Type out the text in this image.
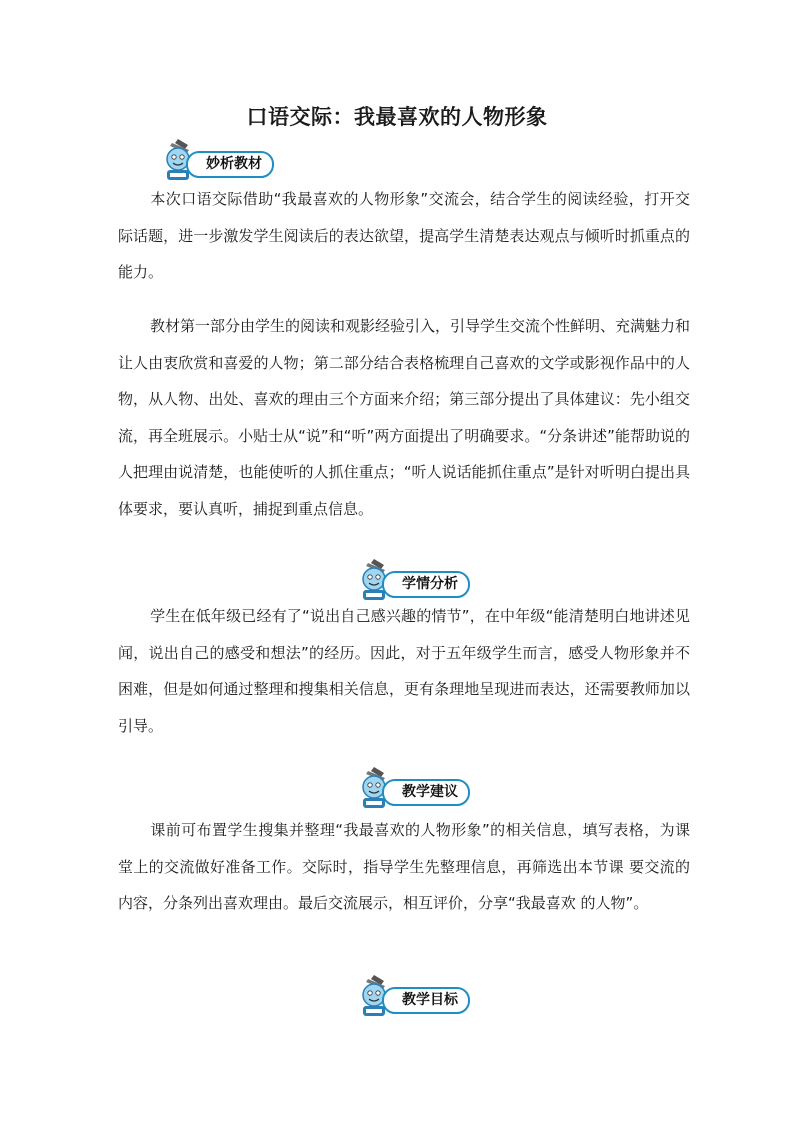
口语交际：我最喜欢的人物形象
妙析教材
本次口语交际借助“我最喜欢的人物形象”交流会，结合学生的阅读经验，打开交际话题，进一步激发学生阅读后的表达欲望，提高学生清楚表达观点与倾听时抓重点的能力。
教材第一部分由学生的阅读和观影经验引入，引导学生交流个性鲜明、充满魅力和让人由衷欣赏和喜爱的人物；第二部分结合表格梳理自己喜欢的文学或影视作品中的人物，从人物、出处、喜欢的理由三个方面来介绍；第三部分提出了具体建议：先小组交流，再全班展示。小贴士从“说”和“听”两方面提出了明确要求。“分条讲述”能帮助说的人把理由说清楚，也能使听的人抓住重点；“听人说话能抓住重点”是针对听明白提出具体要求，要认真听，捕捉到重点信息。
学情分析
学生在低年级已经有了“说出自己感兴趣的情节”，在中年级“能清楚明白地讲述见闻，说出自己的感受和想法”的经历。因此，对于五年级学生而言，感受人物形象并不困难，但是如何通过整理和搜集相关信息，更有条理地呈现进而表达，还需要教师加以引导。
教学建议
课前可布置学生搜集并整理“我最喜欢的人物形象”的相关信息，填写表格，为课堂上的交流做好准备工作。交际时，指导学生先整理信息，再筛选出本节课 要交流的内容，分条列出喜欢理由。最后交流展示，相互评价，分享“我最喜欢 的人物”。
教学目标
